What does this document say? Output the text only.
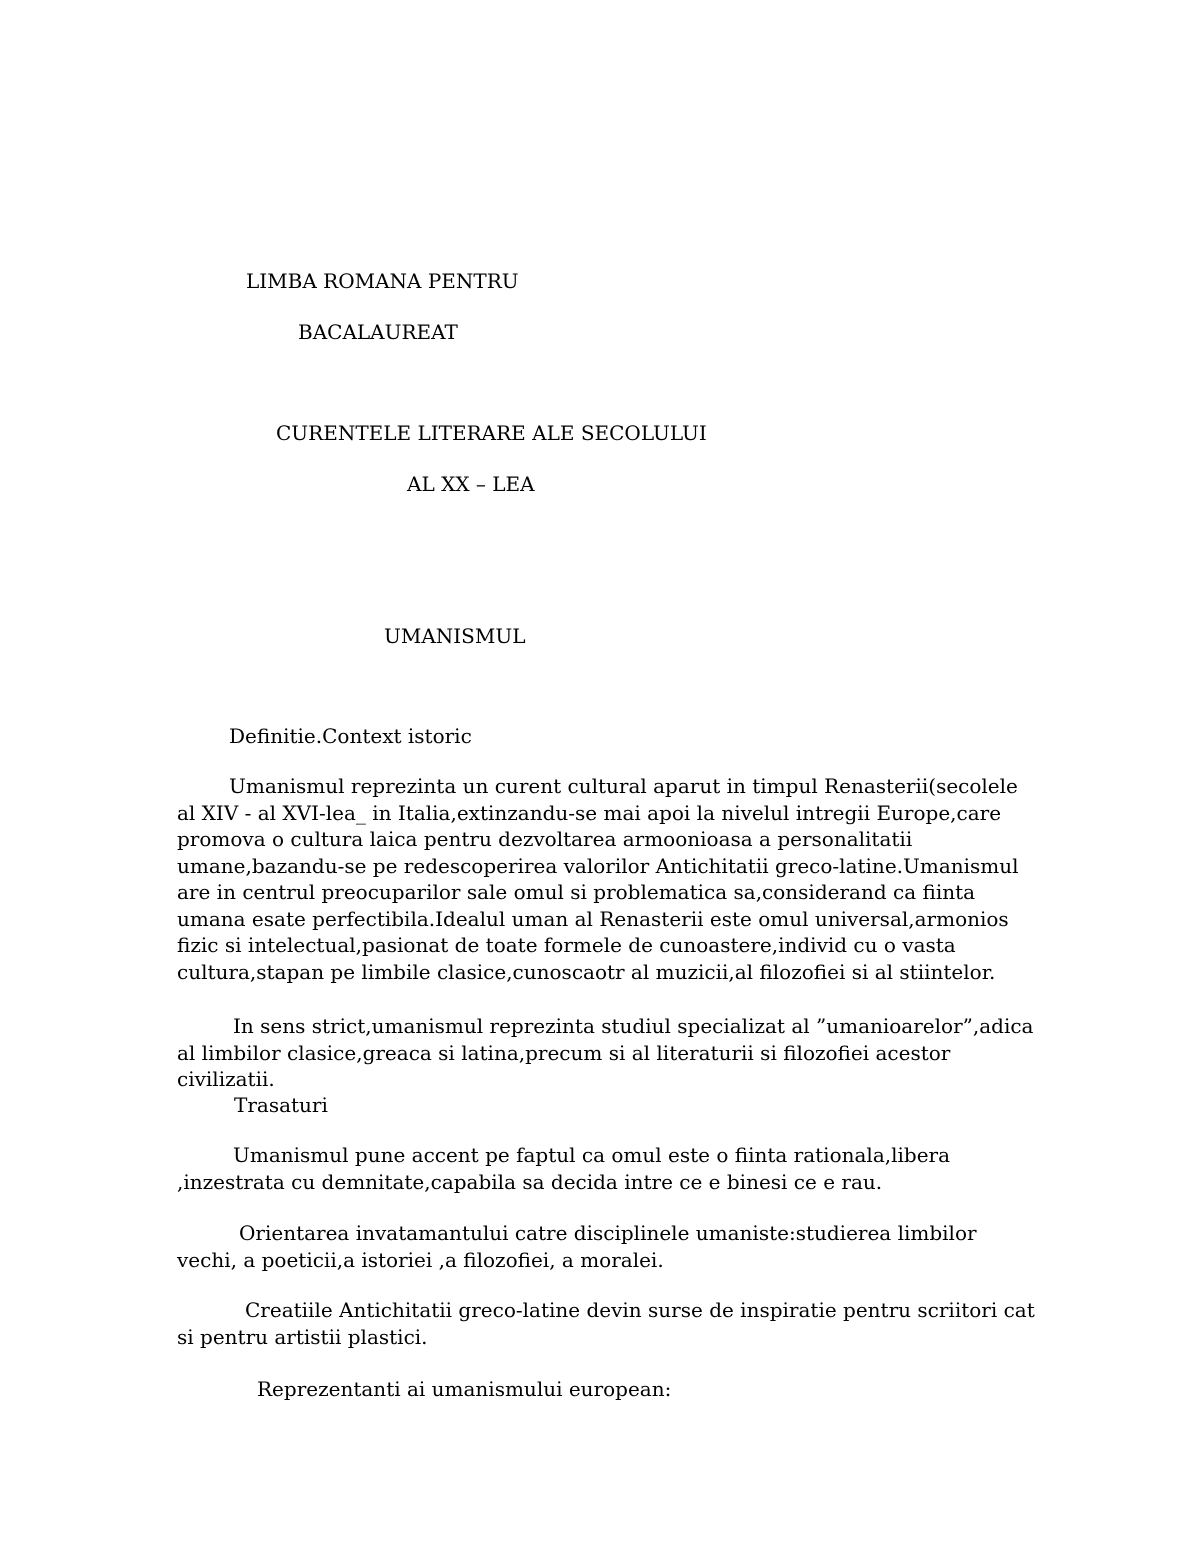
LIMBA ROMANA PENTRU

BACALAUREAT

CURENTELE LITERARE ALE SECOLULUI

AL XX – LEA

UMANISMUL

Definitie.Context istoric

Umanismul reprezinta un curent cultural aparut in timpul Renasterii(secolele al XIV - al XVI-lea_ in Italia,extinzandu-se mai apoi la nivelul intregii Europe,care promova o cultura laica pentru dezvoltarea armoonioasa a personalitatii umane,bazandu-se pe redescoperirea valorilor Antichitatii greco-latine.Umanismul are in centrul preocuparilor sale omul si problematica sa,considerand ca fiinta umana esate perfectibila.Idealul uman al Renasterii este omul universal,armonios fizic si intelectual,pasionat de toate formele de cunoastere,individ cu o vasta cultura,stapan pe limbile clasice,cunoscaotr al muzicii,al filozofiei si al stiintelor.

In sens strict,umanismul reprezinta studiul specializat al ”umanioarelor”,adica al limbilor clasice,greaca si latina,precum si al literaturii si filozofiei acestor civilizatii.

Trasaturi

Umanismul pune accent pe faptul ca omul este o fiinta rationala,libera ,inzestrata cu demnitate,capabila sa decida intre ce e binesi ce e rau.

Orientarea invatamantului catre disciplinele umaniste:studierea limbilor vechi, a poeticii,a istoriei ,a filozofiei, a moralei.

Creatiile Antichitatii greco-latine devin surse de inspiratie pentru scriitori cat si pentru artistii plastici.

Reprezentanti ai umanismului european:
